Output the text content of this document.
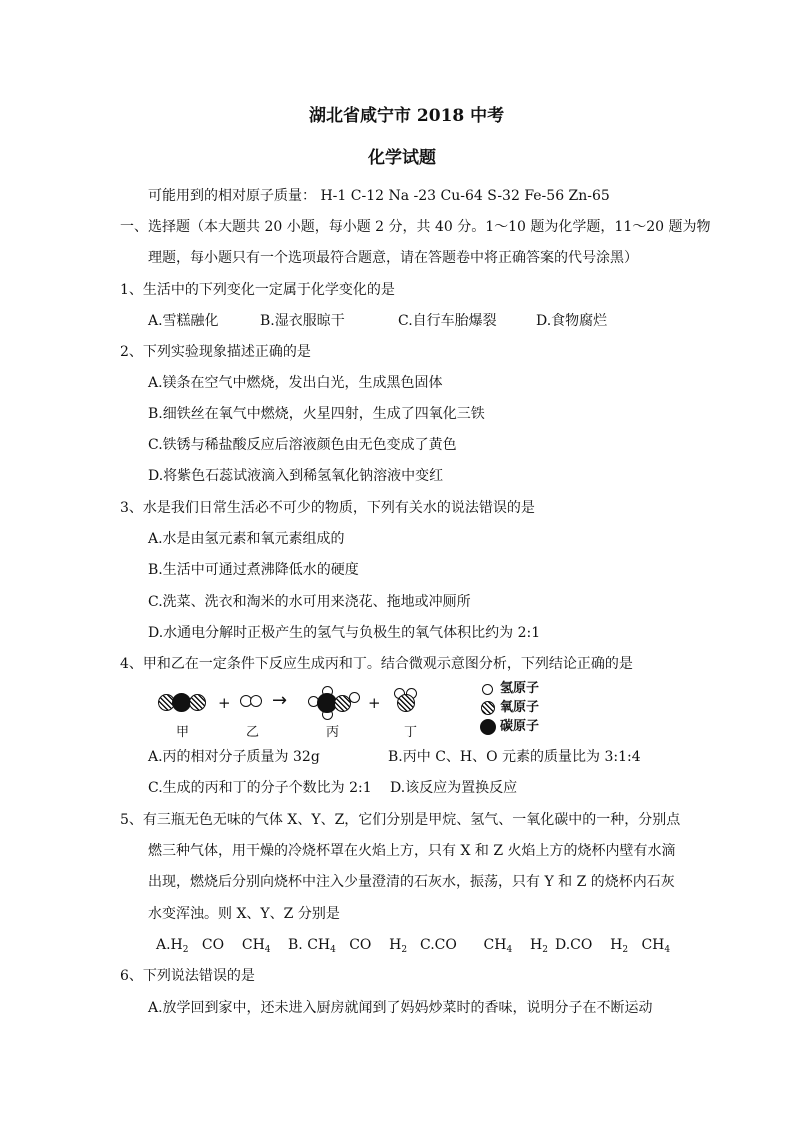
湖北省咸宁市 2018 中考
化学试题
可能用到的相对原子质量： H-1 C-12 Na -23 Cu-64 S-32 Fe-56 Zn-65
一、选择题（本大题共 20 小题，每小题 2 分，共 40 分。1～10 题为化学题，11～20 题为物
理题，每小题只有一个选项最符合题意，请在答题卷中将正确答案的代号涂黑）
1、生活中的下列变化一定属于化学变化的是
A.雪糕融化	B.湿衣服晾干	C.自行车胎爆裂	D.食物腐烂
2、下列实验现象描述正确的是
A.镁条在空气中燃烧，发出白光，生成黑色固体
B.细铁丝在氧气中燃烧，火星四射，生成了四氧化三铁
C.铁锈与稀盐酸反应后溶液颜色由无色变成了黄色
D.将紫色石蕊试液滴入到稀氢氧化钠溶液中变红
3、水是我们日常生活必不可少的物质，下列有关水的说法错误的是
A.水是由氢元素和氧元素组成的
B.生活中可通过煮沸降低水的硬度
C.洗菜、洗衣和淘米的水可用来浇花、拖地或冲厕所
D.水通电分解时正极产生的氢气与负极生的氧气体积比约为 2:1
4、甲和乙在一定条件下反应生成丙和丁。结合微观示意图分析，下列结论正确的是
+ →	+
甲	乙	丙	丁
氢原子
氧原子
碳原子
A.丙的相对分子质量为 32g	B.丙中 C、H、O 元素的质量比为 3:1:4
C.生成的丙和丁的分子个数比为 2:1 D.该反应为置换反应
5、有三瓶无色无味的气体 X、Y、Z，它们分别是甲烷、氢气、一氧化碳中的一种，分别点
燃三种气体，用干燥的冷烧杯罩在火焰上方，只有 X 和 Z 火焰上方的烧杯内壁有水滴
出现，燃烧后分别向烧杯中注入少量澄清的石灰水，振荡，只有 Y 和 Z 的烧杯内石灰
水变浑浊。则 X、Y、Z 分别是
$A.H_2$   CO    $CH_4$ B. $CH_4$   CO    $H_2$ C.CO      $CH_4$    $H_2$ D.CO    $H_2$   $CH_4$
6、下列说法错误的是
A.放学回到家中，还未进入厨房就闻到了妈妈炒菜时的香味，说明分子在不断运动
